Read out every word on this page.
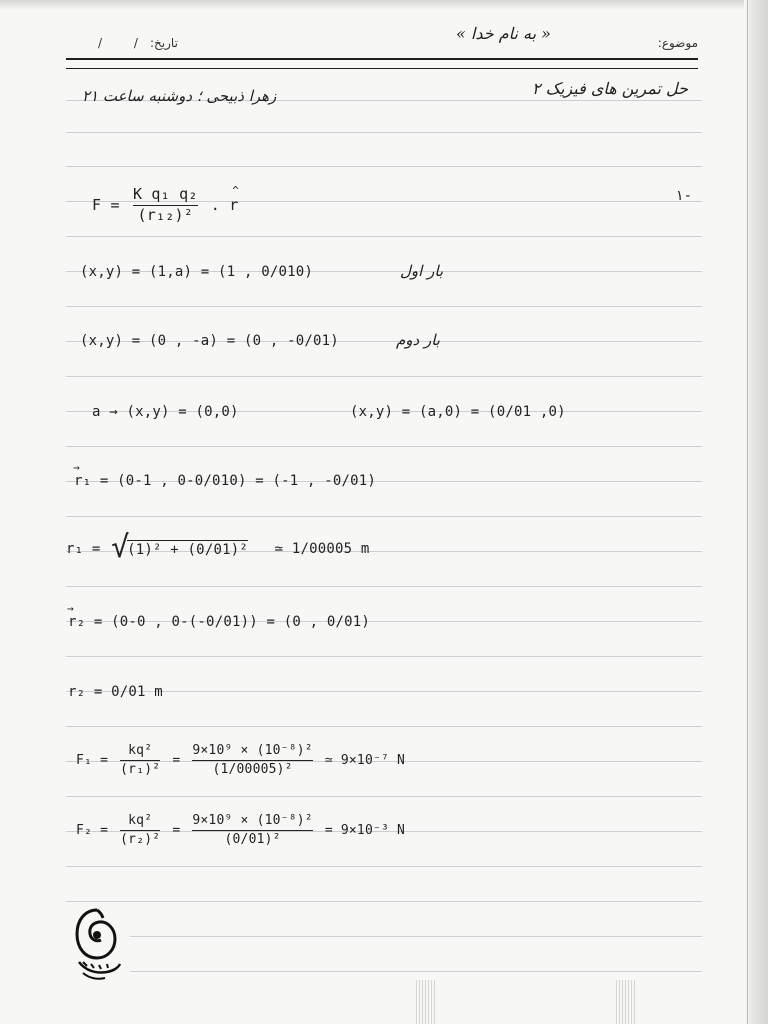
موضوع:
« به نام خدا »
تاریخ:
/ /
حل تمرین های فیزیک ۲
زهرا ذبیحی ؛ دوشنبه ساعت ۱۲
١-
$F = \frac{\text{K q₁ q₂}}{\text{(r₁₂)²}}$ . ^ r
(x,y) = (1,a) = (1 , 0/010)	بار اول
(x,y) = (0 , -a) = (0 , -0/01)	بار دوم
a → (x,y) = (0,0)	(x,y) = (a,0) = (0/01 ,0)
→ r₁ = (0-1 , 0-0/010) = (-1 , -0/01)
r₁ = √
(1)² + (0/01)² ≃ 1/00005 m
→ r₂ = (0-0 , 0-(-0/01)) = (0 , 0/01)
r₂ = 0/01 m
$F_1 = \frac{\text{kq²}}{\text{(r₁)²}} = \frac{\text{9×10⁹ × (10⁻⁸)²}}{\text{(1/00005)²}}$ ≃ 9×10⁻⁷ N
$F_2 = \frac{\text{kq²}}{\text{(r₂)²}} = \frac{\text{9×10⁹ × (10⁻⁸)²}}{\text{(0/01)²}} = 9\times 10^{-3}$ N
